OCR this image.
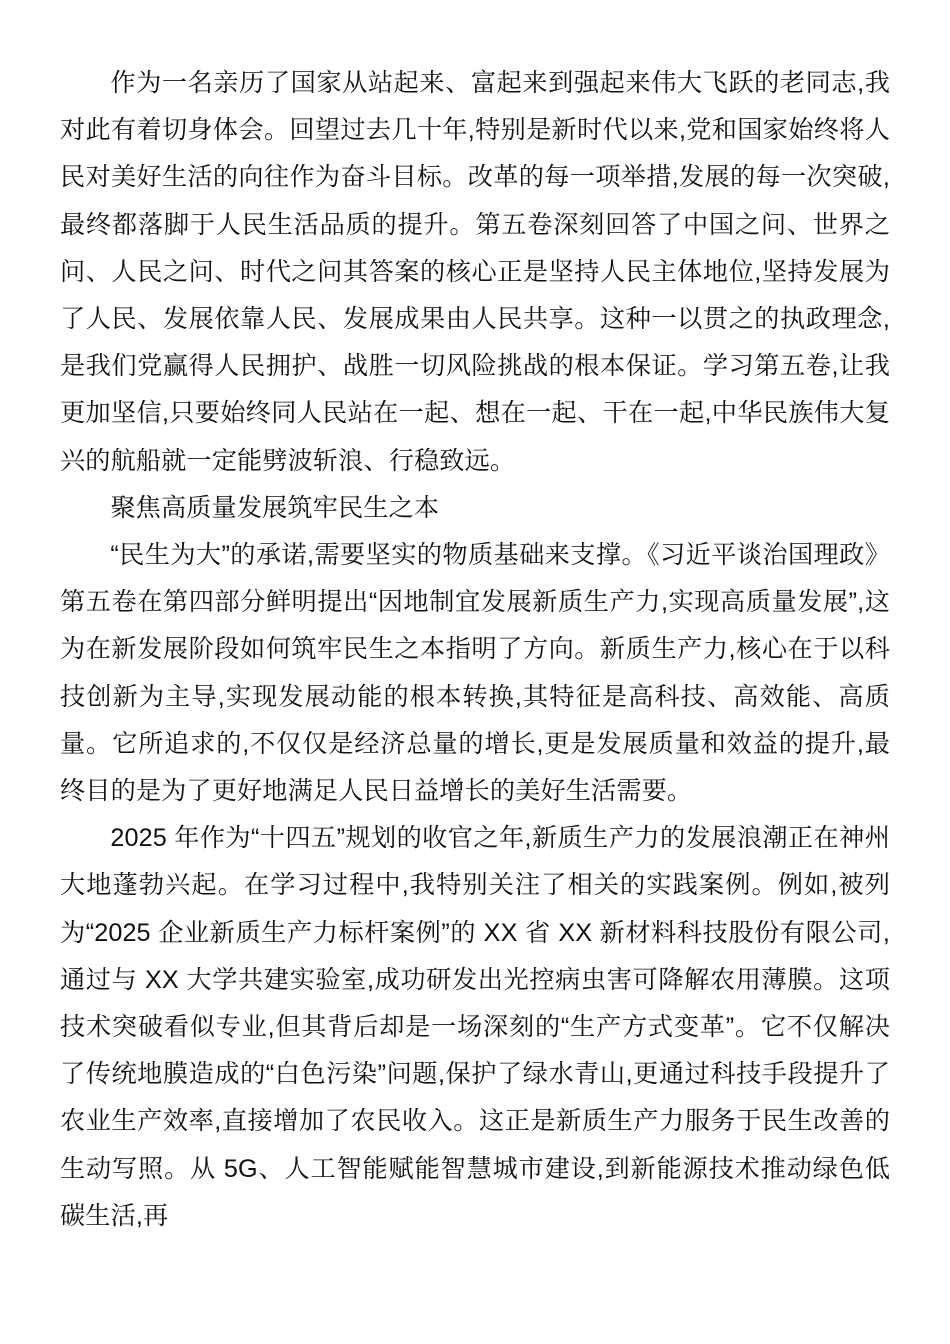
作为一名亲历了国家从站起来、富起来到强起来伟大飞跃的老同志,我对此有着切身体会。回望过去几十年,特别是新时代以来,党和国家始终将人民对美好生活的向往作为奋斗目标。改革的每一项举措,发展的每一次突破,最终都落脚于人民生活品质的提升。第五卷深刻回答了中国之问、世界之问、人民之问、时代之问其答案的核心正是坚持人民主体地位,坚持发展为了人民、发展依靠人民、发展成果由人民共享。这种一以贯之的执政理念,是我们党赢得人民拥护、战胜一切风险挑战的根本保证。学习第五卷,让我更加坚信,只要始终同人民站在一起、想在一起、干在一起,中华民族伟大复兴的航船就一定能劈波斩浪、行稳致远。

聚焦高质量发展筑牢民生之本

“民生为大”的承诺,需要坚实的物质基础来支撑。《习近平谈治国理政》第五卷在第四部分鲜明提出“因地制宜发展新质生产力,实现高质量发展”,这为在新发展阶段如何筑牢民生之本指明了方向。新质生产力,核心在于以科技创新为主导,实现发展动能的根本转换,其特征是高科技、高效能、高质量。它所追求的,不仅仅是经济总量的增长,更是发展质量和效益的提升,最终目的是为了更好地满足人民日益增长的美好生活需要。

2025 年作为“十四五”规划的收官之年,新质生产力的发展浪潮正在神州大地蓬勃兴起。在学习过程中,我特别关注了相关的实践案例。例如,被列为“2025 企业新质生产力标杆案例”的 XX 省 XX 新材料科技股份有限公司,通过与 XX 大学共建实验室,成功研发出光控病虫害可降解农用薄膜。这项技术突破看似专业,但其背后却是一场深刻的“生产方式变革”。它不仅解决了传统地膜造成的“白色污染”问题,保护了绿水青山,更通过科技手段提升了农业生产效率,直接增加了农民收入。这正是新质生产力服务于民生改善的生动写照。从 5G、人工智能赋能智慧城市建设,到新能源技术推动绿色低碳生活,再
